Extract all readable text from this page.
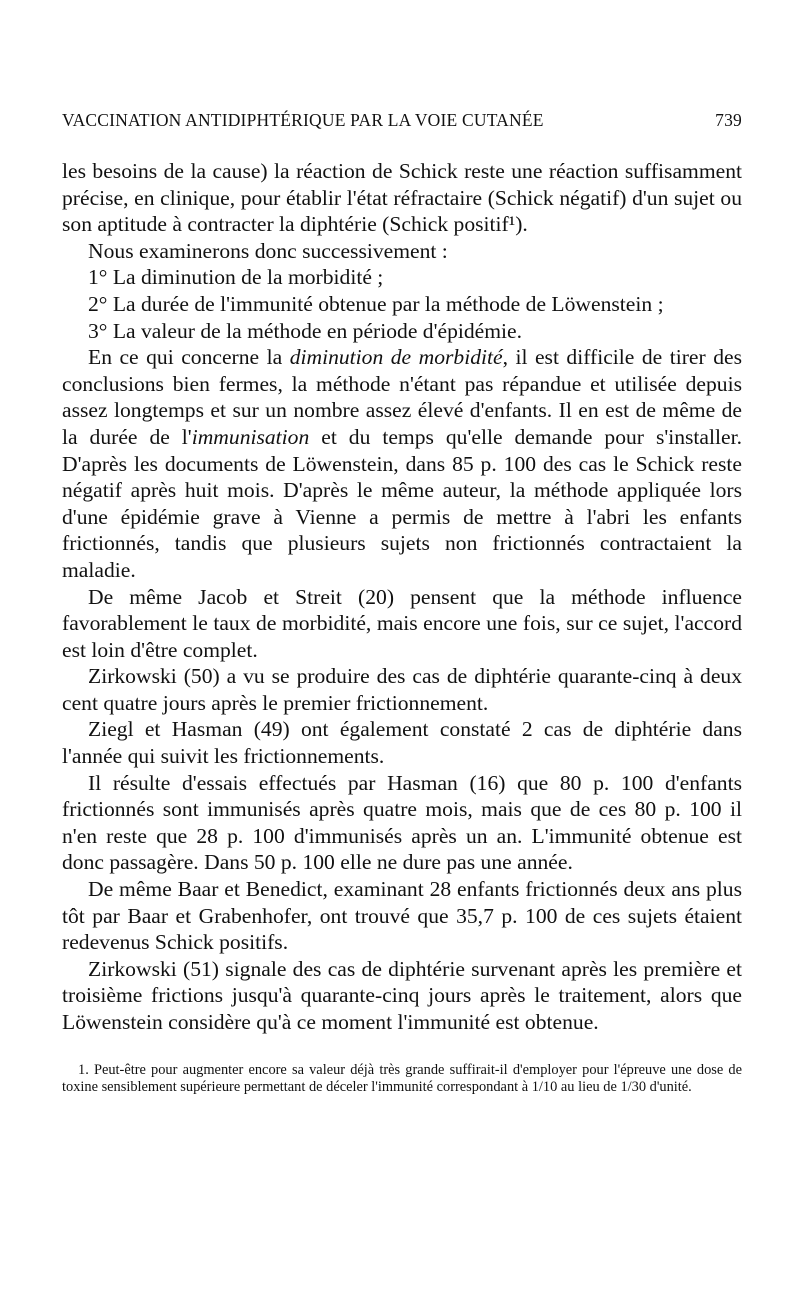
VACCINATION ANTIDIPHTÉRIQUE PAR LA VOIE CUTANÉE	739

les besoins de la cause) la réaction de Schick reste une réaction suffisamment précise, en clinique, pour établir l'état réfractaire (Schick négatif) d'un sujet ou son aptitude à contracter la diphtérie (Schick positif¹).

Nous examinerons donc successivement :

1° La diminution de la morbidité ;

2° La durée de l'immunité obtenue par la méthode de Löwenstein ;

3° La valeur de la méthode en période d'épidémie.

En ce qui concerne la diminution de morbidité, il est difficile de tirer des conclusions bien fermes, la méthode n'étant pas répandue et utilisée depuis assez longtemps et sur un nombre assez élevé d'enfants. Il en est de même de la durée de l'immunisation et du temps qu'elle demande pour s'installer. D'après les documents de Löwenstein, dans 85 p. 100 des cas le Schick reste négatif après huit mois. D'après le même auteur, la méthode appliquée lors d'une épidémie grave à Vienne a permis de mettre à l'abri les enfants frictionnés, tandis que plusieurs sujets non frictionnés contractaient la maladie.

De même Jacob et Streit (20) pensent que la méthode influence favorablement le taux de morbidité, mais encore une fois, sur ce sujet, l'accord est loin d'être complet.

Zirkowski (50) a vu se produire des cas de diphtérie quarante-cinq à deux cent quatre jours après le premier frictionnement.

Ziegl et Hasman (49) ont également constaté 2 cas de diphtérie dans l'année qui suivit les frictionnements.

Il résulte d'essais effectués par Hasman (16) que 80 p. 100 d'enfants frictionnés sont immunisés après quatre mois, mais que de ces 80 p. 100 il n'en reste que 28 p. 100 d'immunisés après un an. L'immunité obtenue est donc passagère. Dans 50 p. 100 elle ne dure pas une année.

De même Baar et Benedict, examinant 28 enfants frictionnés deux ans plus tôt par Baar et Grabenhofer, ont trouvé que 35,7 p. 100 de ces sujets étaient redevenus Schick positifs.

Zirkowski (51) signale des cas de diphtérie survenant après les première et troisième frictions jusqu'à quarante-cinq jours après le traitement, alors que Löwenstein considère qu'à ce moment l'immunité est obtenue.

1. Peut-être pour augmenter encore sa valeur déjà très grande suffirait-il d'employer pour l'épreuve une dose de toxine sensiblement supérieure permettant de déceler l'immunité correspondant à 1/10 au lieu de 1/30 d'unité.
